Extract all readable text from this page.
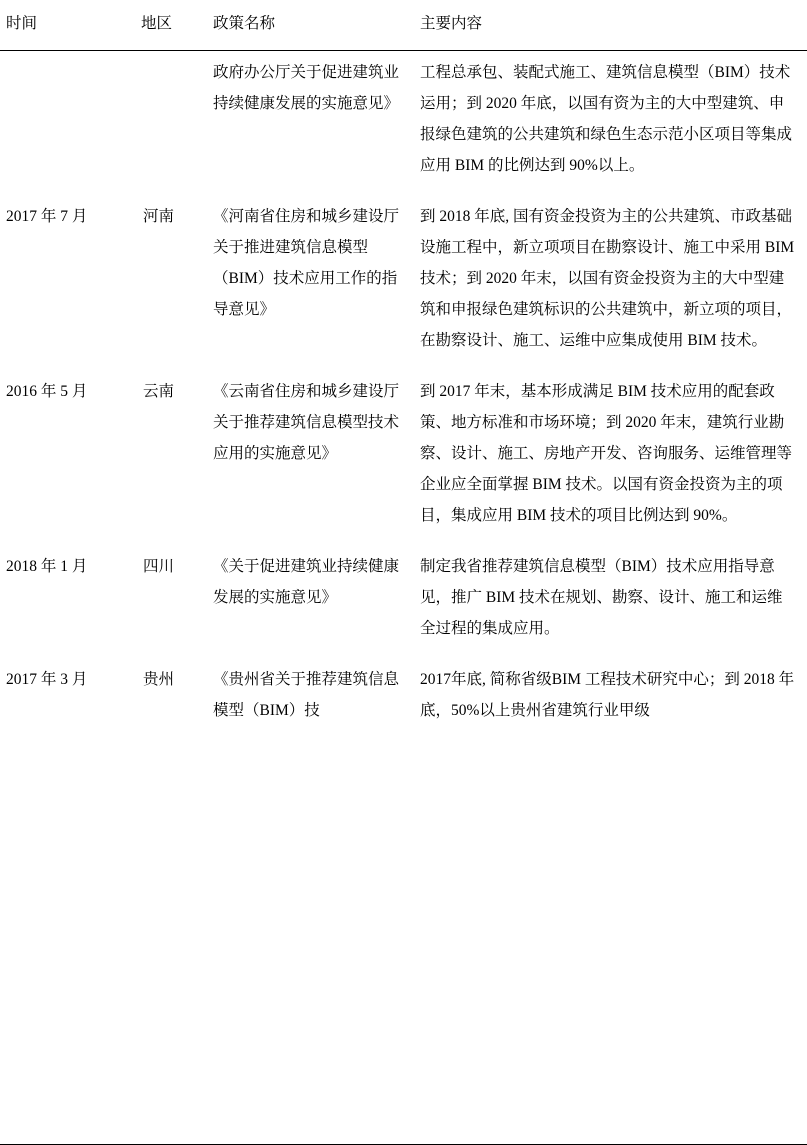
时间	地区	政策名称	主要内容
		政府办公厅关于促进建筑业持续健康发展的实施意见》	工程总承包、装配式施工、建筑信息模型（BIM）技术运用；到 2020 年底，以国有资为主的大中型建筑、申报绿色建筑的公共建筑和绿色生态示范小区项目等集成应用 BIM 的比例达到 90%以上。
2017 年 7 月	河南	《河南省住房和城乡建设厅关于推进建筑信息模型（BIM）技术应用工作的指导意见》	到 2018 年底, 国有资金投资为主的公共建筑、市政基础设施工程中，新立项项目在勘察设计、施工中采用 BIM 技术；到 2020 年末，以国有资金投资为主的大中型建筑和申报绿色建筑标识的公共建筑中，新立项的项目，在勘察设计、施工、运维中应集成使用 BIM 技术。
2016 年 5 月	云南	《云南省住房和城乡建设厅关于推荐建筑信息模型技术应用的实施意见》	到 2017 年末，基本形成满足 BIM 技术应用的配套政策、地方标准和市场环境；到 2020 年末，建筑行业勘察、设计、施工、房地产开发、咨询服务、运维管理等企业应全面掌握 BIM 技术。以国有资金投资为主的项目，集成应用 BIM 技术的项目比例达到 90%。
2018 年 1 月	四川	《关于促进建筑业持续健康发展的实施意见》	制定我省推荐建筑信息模型（BIM）技术应用指导意见，推广 BIM 技术在规划、勘察、设计、施工和运维全过程的集成应用。
2017 年 3 月	贵州	《贵州省关于推荐建筑信息模型（BIM）技	2017年底, 简称省级BIM 工程技术研究中心；到 2018 年底，50%以上贵州省建筑行业甲级
